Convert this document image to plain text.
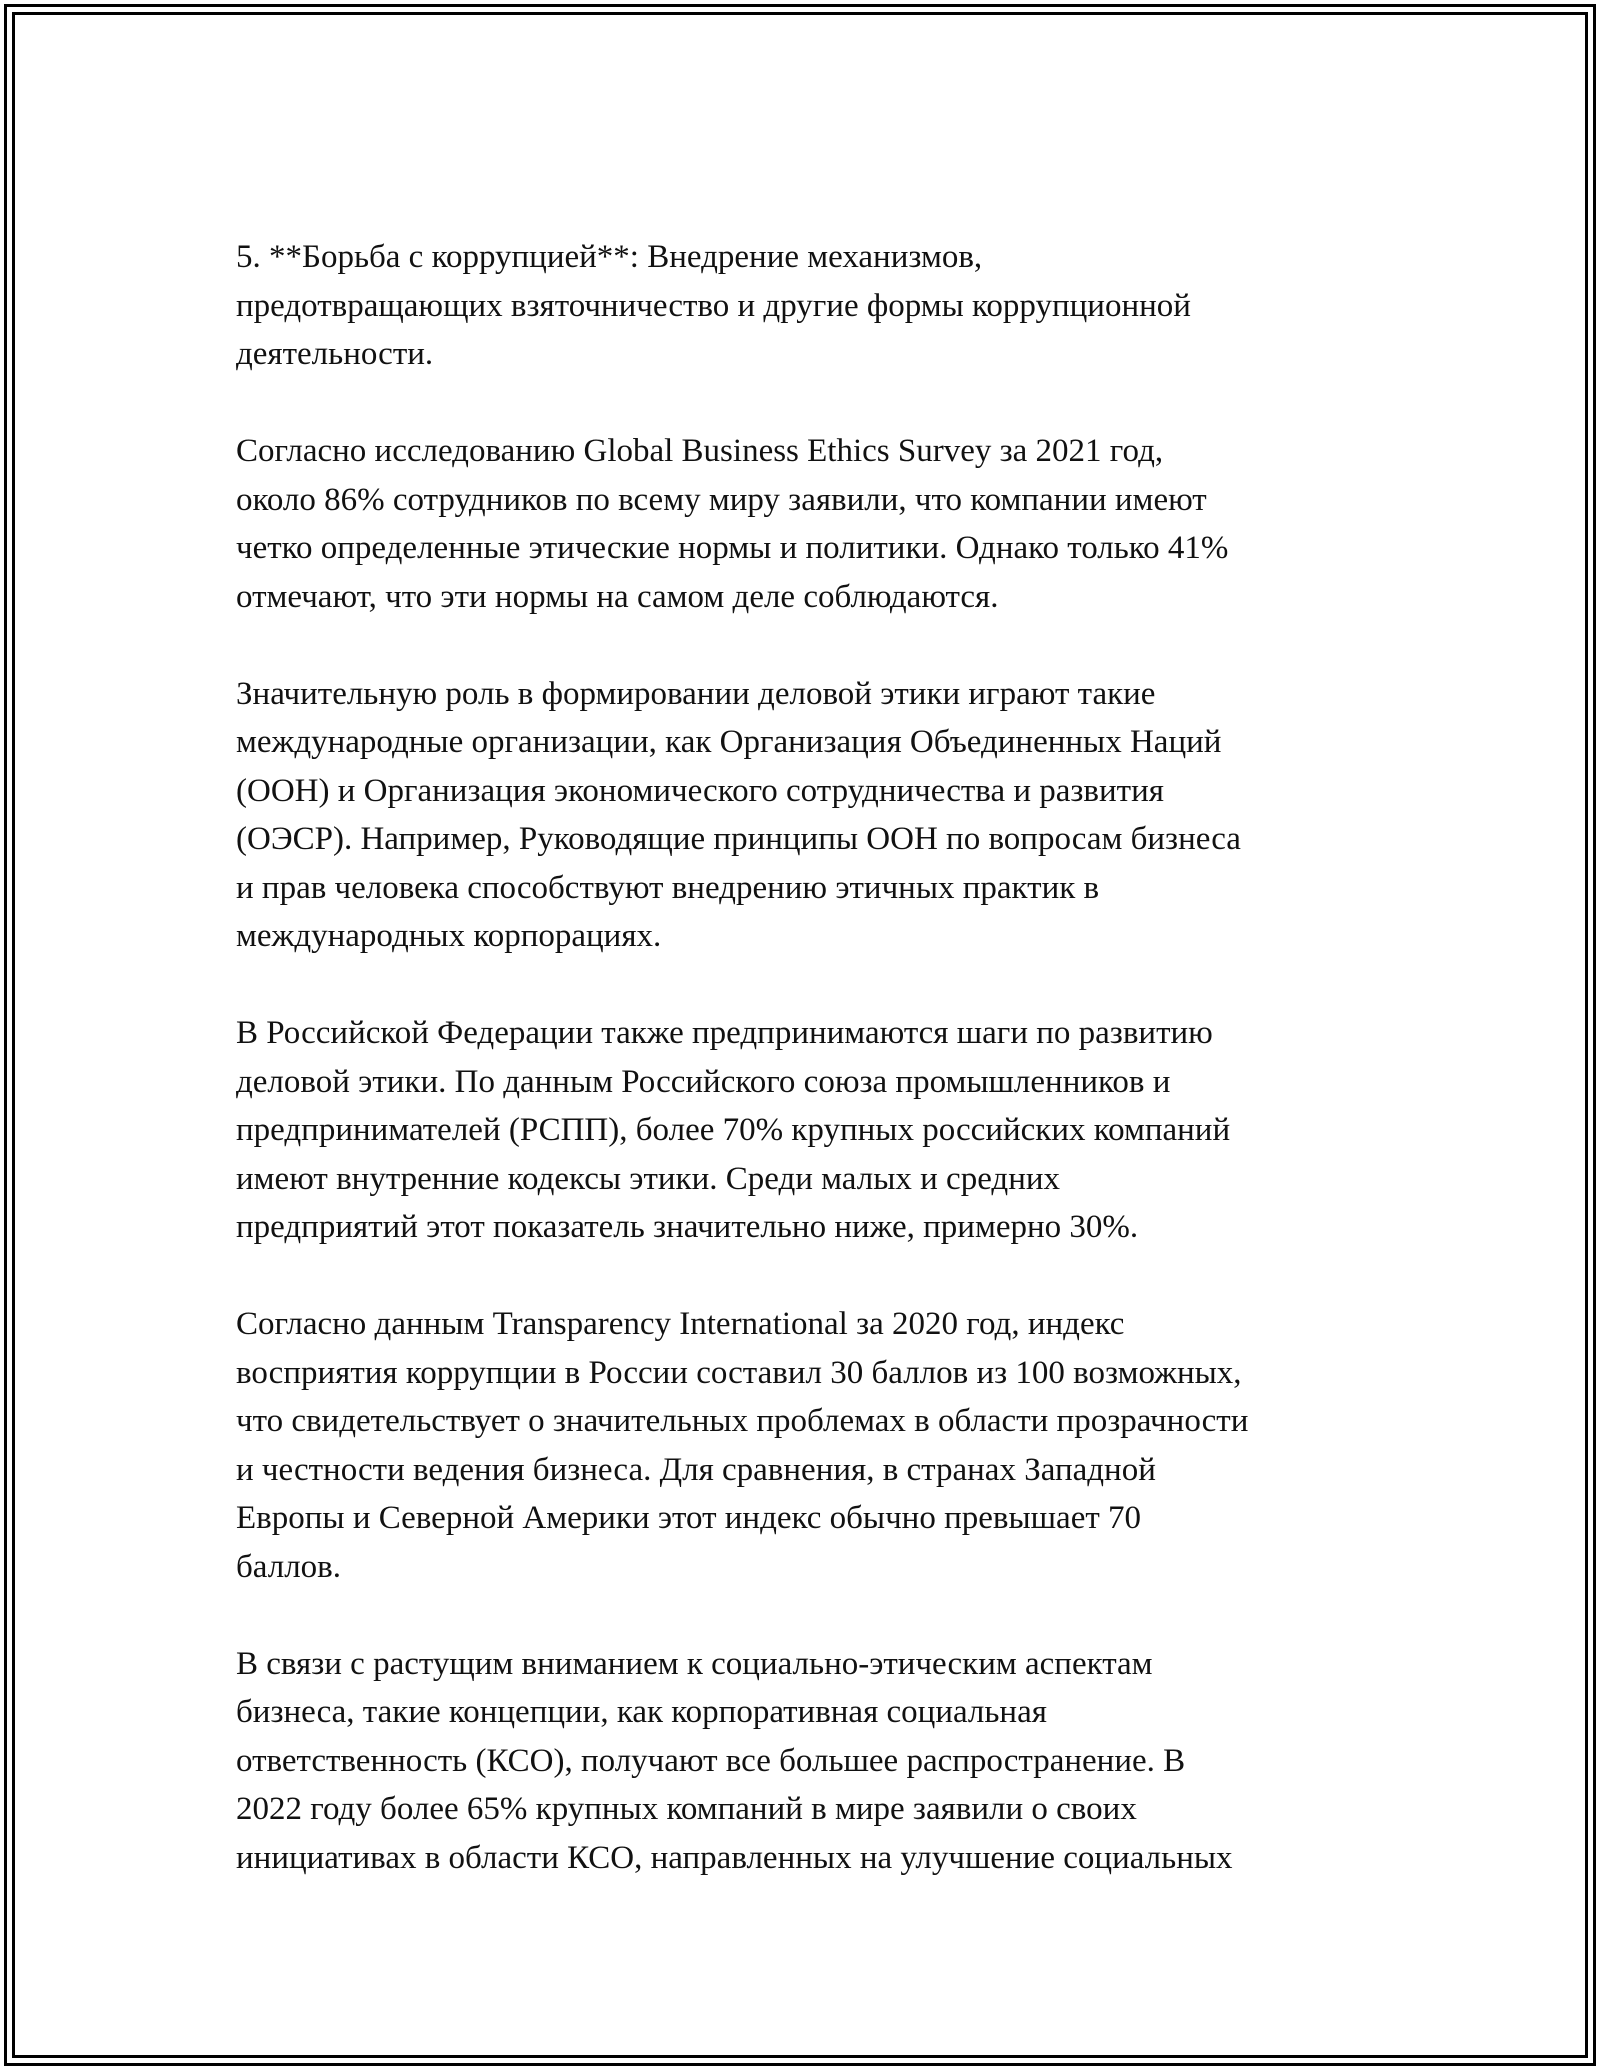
5. **Борьба с коррупцией**: Внедрение механизмов,
предотвращающих взяточничество и другие формы коррупционной
деятельности.

Согласно исследованию Global Business Ethics Survey за 2021 год,
около 86% сотрудников по всему миру заявили, что компании имеют
четко определенные этические нормы и политики. Однако только 41%
отмечают, что эти нормы на самом деле соблюдаются.

Значительную роль в формировании деловой этики играют такие
международные организации, как Организация Объединенных Наций
(ООН) и Организация экономического сотрудничества и развития
(ОЭСР). Например, Руководящие принципы ООН по вопросам бизнеса
и прав человека способствуют внедрению этичных практик в
международных корпорациях.

В Российской Федерации также предпринимаются шаги по развитию
деловой этики. По данным Российского союза промышленников и
предпринимателей (РСПП), более 70% крупных российских компаний
имеют внутренние кодексы этики. Среди малых и средних
предприятий этот показатель значительно ниже, примерно 30%.

Согласно данным Transparency International за 2020 год, индекс
восприятия коррупции в России составил 30 баллов из 100 возможных,
что свидетельствует о значительных проблемах в области прозрачности
и честности ведения бизнеса. Для сравнения, в странах Западной
Европы и Северной Америки этот индекс обычно превышает 70
баллов.

В связи с растущим вниманием к социально-этическим аспектам
бизнеса, такие концепции, как корпоративная социальная
ответственность (КСО), получают все большее распространение. В
2022 году более 65% крупных компаний в мире заявили о своих
инициативах в области КСО, направленных на улучшение социальных
